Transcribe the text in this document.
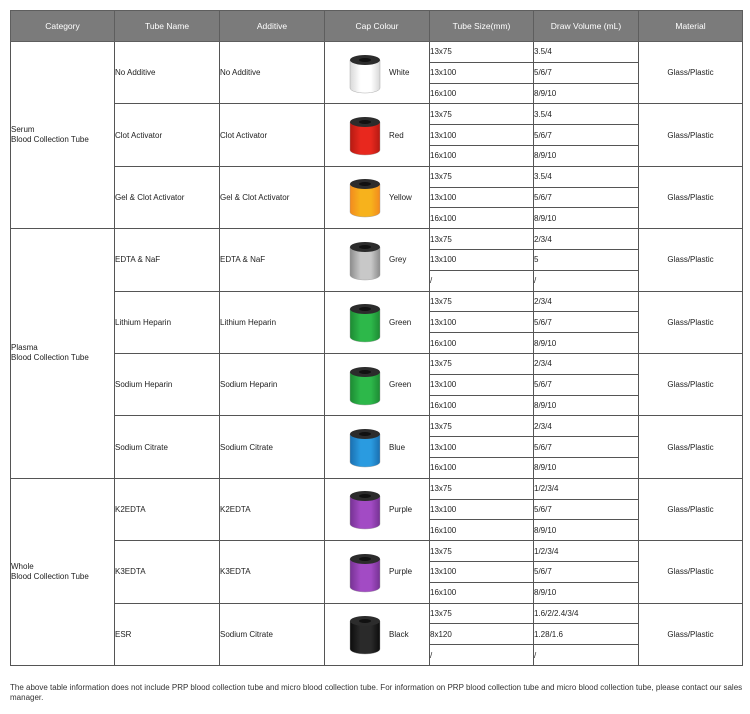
Category	Tube Name	Additive	Cap Colour	Tube Size(mm)	Draw Volume (mL)	Material

Serum
Blood Collection Tube	No Additive	No Additive	White	13x75	3.5/4	Glass/Plastic
				13x100	5/6/7	
				16x100	8/9/10	
	Clot Activator	Clot Activator	Red	13x75	3.5/4	Glass/Plastic
				13x100	5/6/7	
				16x100	8/9/10	
	Gel & Clot Activator	Gel & Clot Activator	Yellow	13x75	3.5/4	Glass/Plastic
				13x100	5/6/7	
				16x100	8/9/10	

Plasma
Blood Collection Tube	EDTA & NaF	EDTA & NaF	Grey	13x75	2/3/4	Glass/Plastic
				13x100	5	
				/	/	
	Lithium Heparin	Lithium Heparin	Green	13x75	2/3/4	Glass/Plastic
				13x100	5/6/7	
				16x100	8/9/10	
	Sodium Heparin	Sodium Heparin	Green	13x75	2/3/4	Glass/Plastic
				13x100	5/6/7	
				16x100	8/9/10	
	Sodium Citrate	Sodium Citrate	Blue	13x75	2/3/4	Glass/Plastic
				13x100	5/6/7	
				16x100	8/9/10	

Whole
Blood Collection Tube	K2EDTA	K2EDTA	Purple	13x75	1/2/3/4	Glass/Plastic
				13x100	5/6/7	
				16x100	8/9/10	
	K3EDTA	K3EDTA	Purple	13x75	1/2/3/4	Glass/Plastic
				13x100	5/6/7	
				16x100	8/9/10	
	ESR	Sodium Citrate	Black	13x75	1.6/2/2.4/3/4	Glass/Plastic
				8x120	1.28/1.6	
				/	/	
The above table information does not include PRP blood collection tube and micro blood collection tube. For information on PRP blood collection tube and micro blood collection tube, please contact our sales manager.
